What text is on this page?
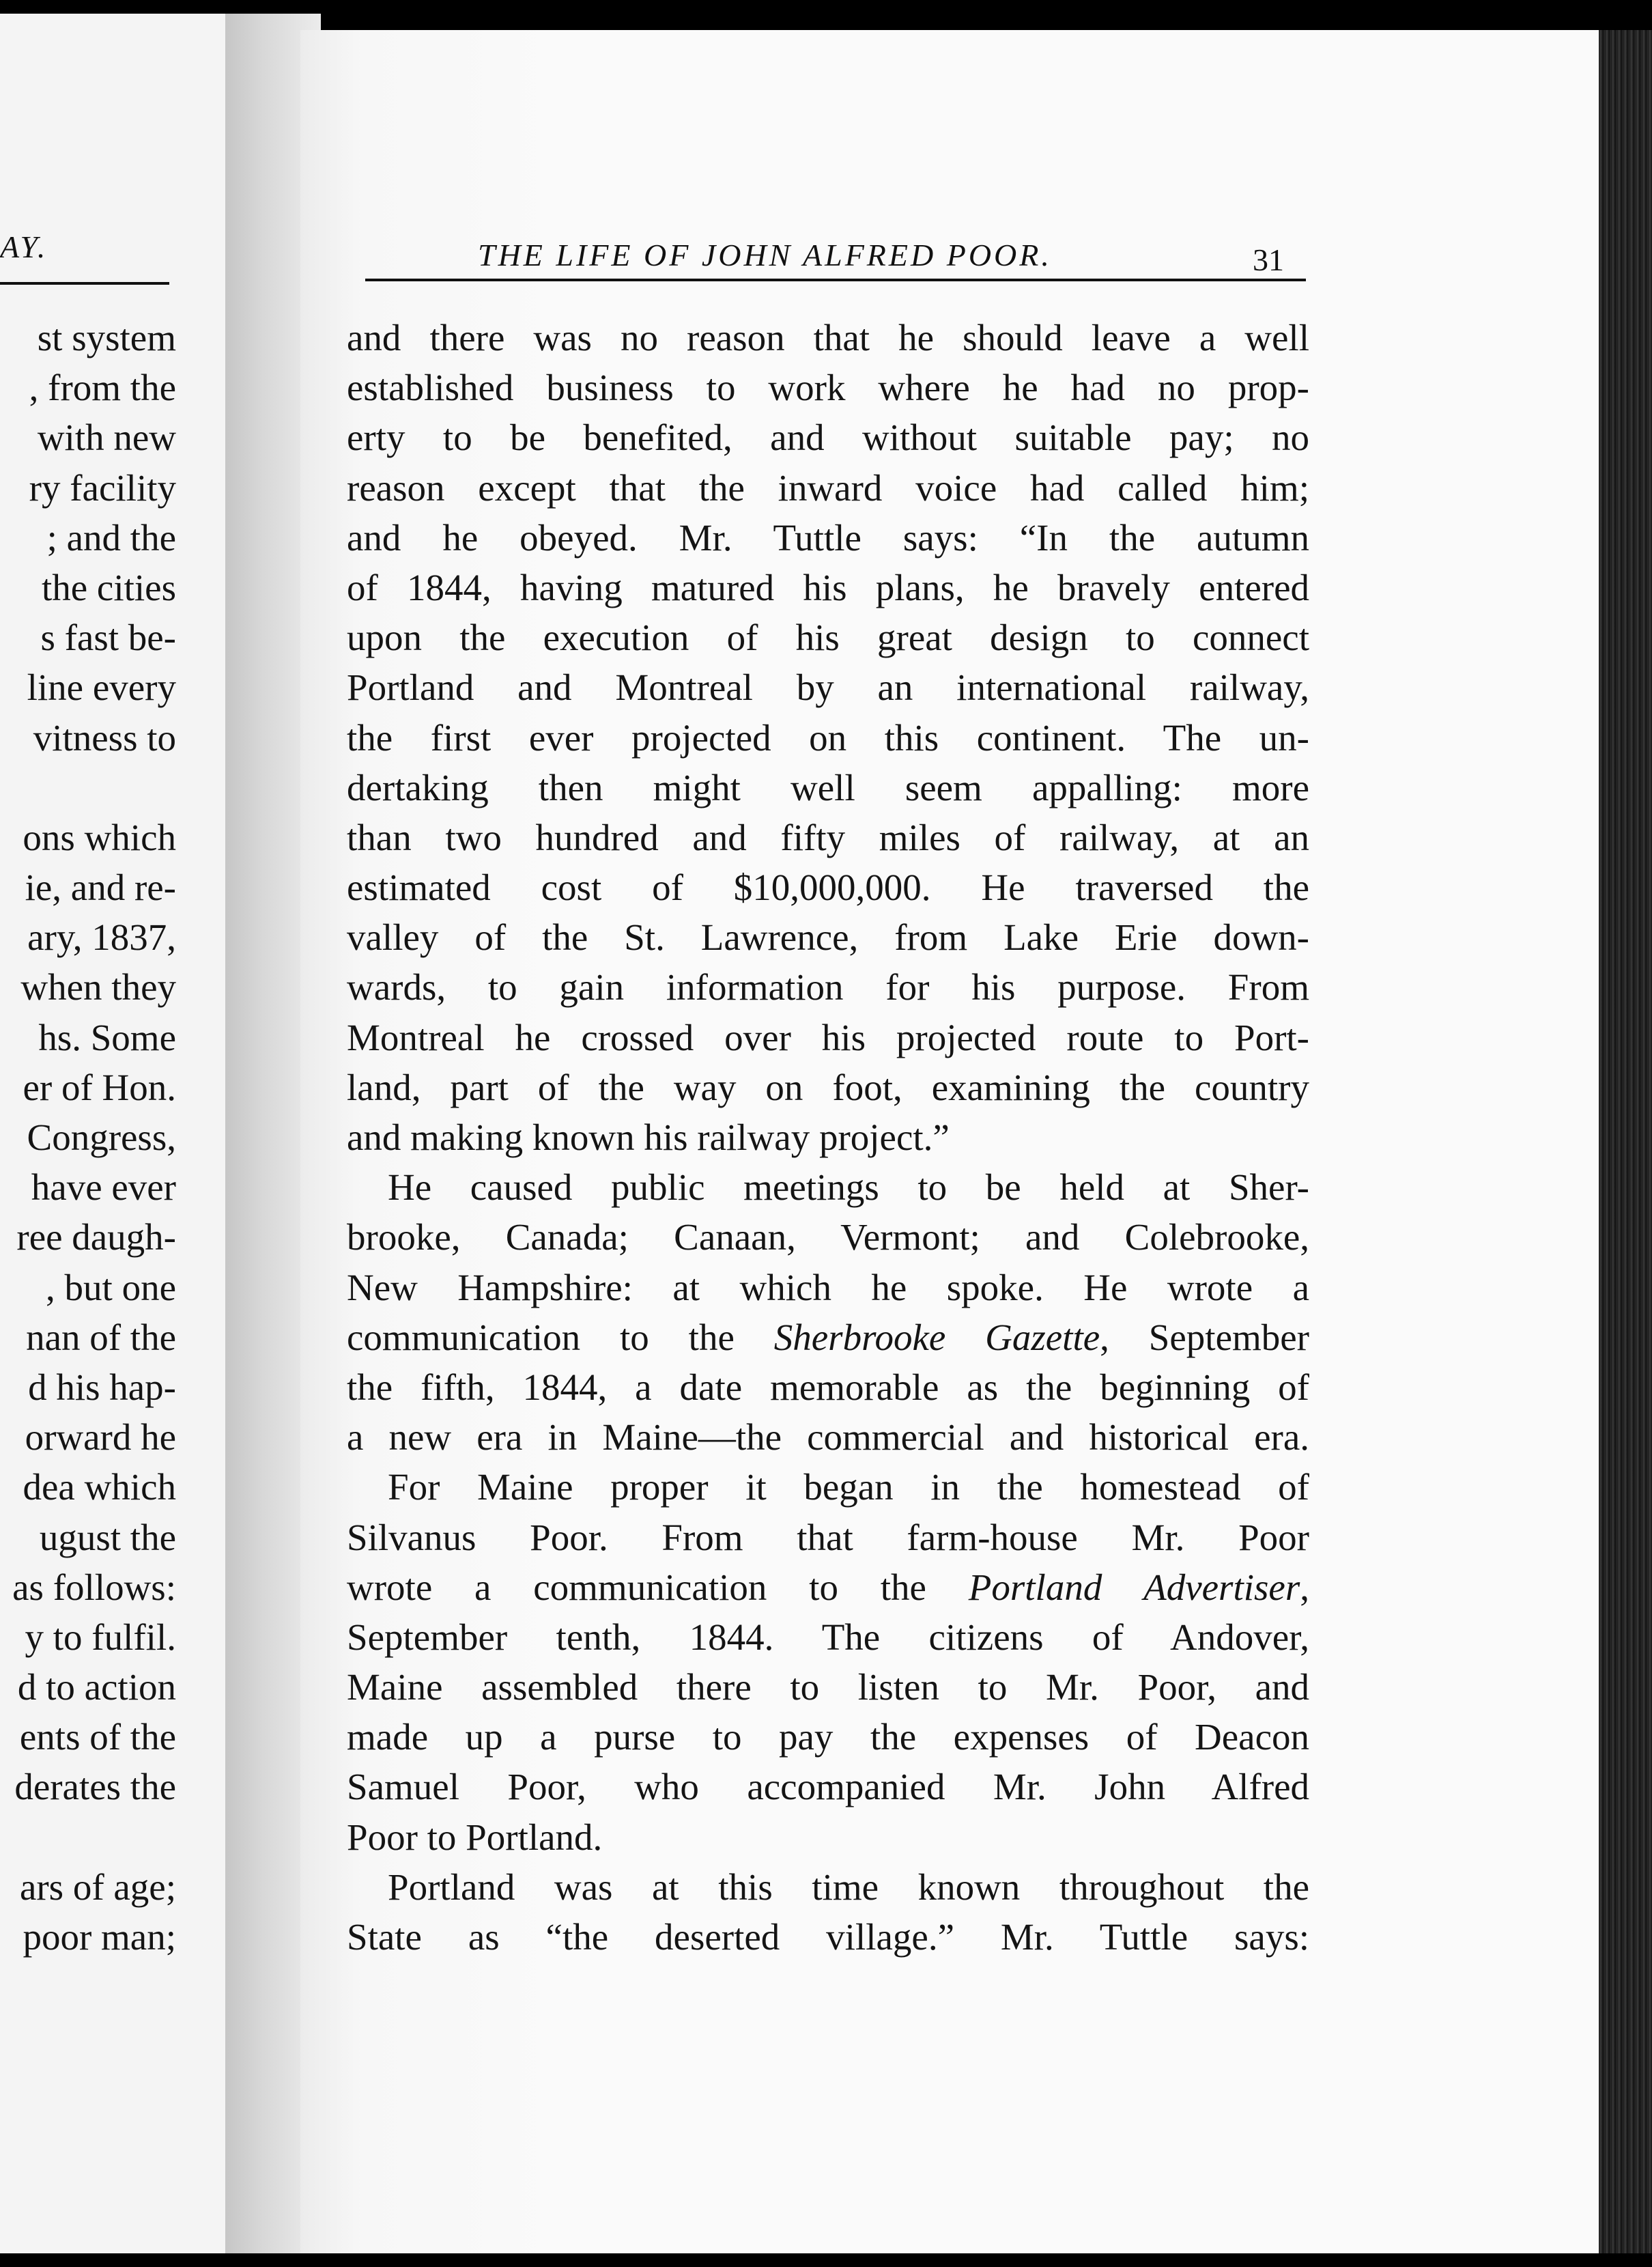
AY.
st system
, from the
with new
ry facility
; and the
the cities
s fast be-
line every
vitness to
ons which
ie, and re-
ary, 1837,
when they
hs. Some
er of Hon.
Congress,
have ever
ree daugh-
, but one
nan of the
d his hap-
orward he
dea which
ugust the
as follows:
y to fulfil.
d to action
ents of the
derates the
ars of age;
poor man;
THE LIFE OF JOHN ALFRED POOR.	31
and there was no reason that he should leave a well
established business to work where he had no prop-
erty to be benefited, and without suitable pay; no
reason except that the inward voice had called him;
and he obeyed. Mr. Tuttle says: “In the autumn
of 1844, having matured his plans, he bravely entered
upon the execution of his great design to connect
Portland and Montreal by an international railway,
the first ever projected on this continent. The un-
dertaking then might well seem appalling: more
than two hundred and fifty miles of railway, at an
estimated cost of $10,000,000. He traversed the
valley of the St. Lawrence, from Lake Erie down-
wards, to gain information for his purpose. From
Montreal he crossed over his projected route to Port-
land, part of the way on foot, examining the country
and making known his railway project.”
He caused public meetings to be held at Sher-
brooke, Canada; Canaan, Vermont; and Colebrooke,
New Hampshire: at which he spoke. He wrote a
communication to the Sherbrooke Gazette, September
the fifth, 1844, a date memorable as the beginning of
a new era in Maine—the commercial and historical era.
For Maine proper it began in the homestead of
Silvanus Poor. From that farm-house Mr. Poor
wrote a communication to the Portland Advertiser,
September tenth, 1844. The citizens of Andover,
Maine assembled there to listen to Mr. Poor, and
made up a purse to pay the expenses of Deacon
Samuel Poor, who accompanied Mr. John Alfred
Poor to Portland.
Portland was at this time known throughout the
State as “the deserted village.” Mr. Tuttle says:
